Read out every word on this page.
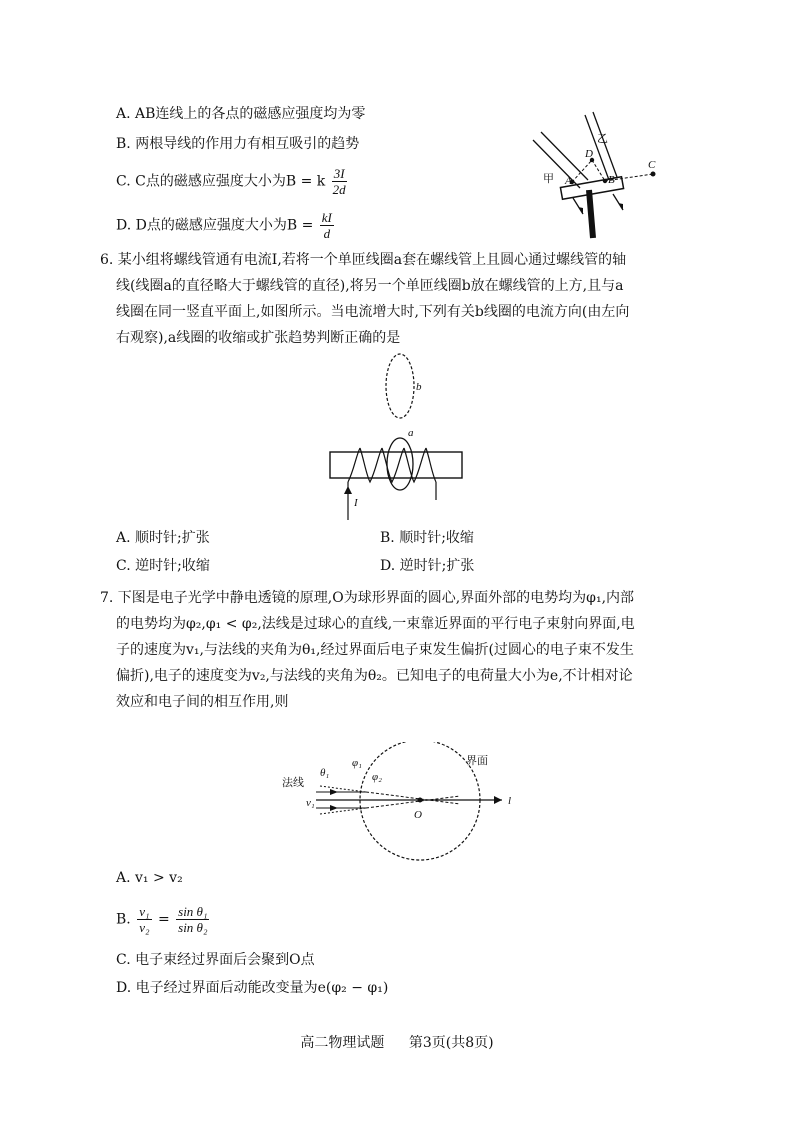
A. AB连线上的各点的磁感应强度均为零
B. 两根导线的作用力有相互吸引的趋势
C. C点的磁感应强度大小为B = k $\frac{3I}{2d}$
D. D点的磁感应强度大小为$B = \frac{kI}{d}$
甲
乙
A	B
C
D
6. 某小组将螺线管通有电流I,若将一个单匝线圈a套在螺线管上且圆心通过螺线管的轴
线(线圈a的直径略大于螺线管的直径),将另一个单匝线圈b放在螺线管的上方,且与a
线圈在同一竖直平面上,如图所示。当电流增大时,下列有关b线圈的电流方向(由左向
右观察),a线圈的收缩或扩张趋势判断正确的是
b
a
I
A. 顺时针;扩张	B. 顺时针;收缩
C. 逆时针;收缩	D. 逆时针;扩张
7. 下图是电子光学中静电透镜的原理,O为球形界面的圆心,界面外部的电势均为φ₁,内部
的电势均为φ₂,φ₁ < φ₂,法线是过球心的直线,一束靠近界面的平行电子束射向界面,电
子的速度为v₁,与法线的夹角为θ₁,经过界面后电子束发生偏折(过圆心的电子束不发生
偏折),电子的速度变为v₂,与法线的夹角为θ₂。已知电子的电荷量大小为e,不计相对论
效应和电子间的相互作用,则
界面
法线
l
O
θ₁
φ₁
φ₂
v₁
A. v₁ > v₂
B. $\frac{\text{v₁}}{\text{v₂}} = \frac{\text{sin θ₁}}{\text{sin θ₂}}$
C. 电子束经过界面后会聚到O点
D. 电子经过界面后动能改变量为e(φ₂ − φ₁)
高二物理试题 第3页(共8页)
